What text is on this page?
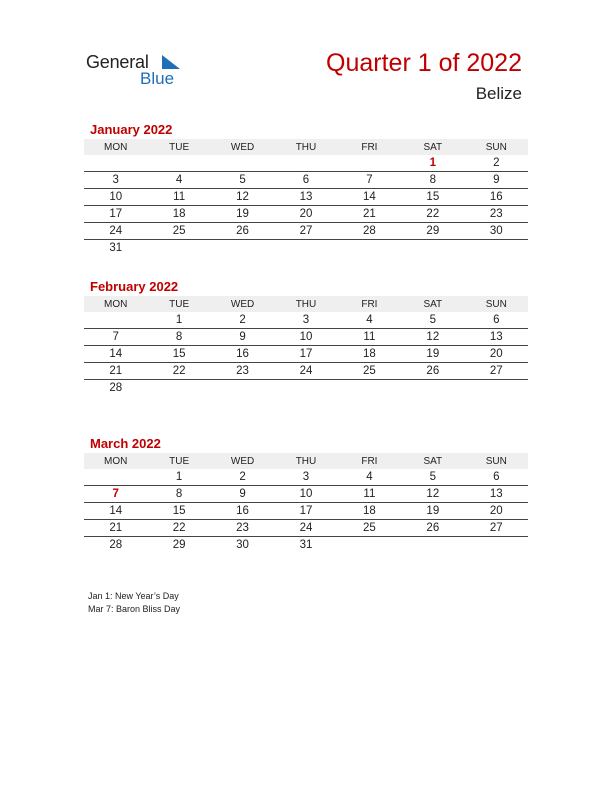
General
Blue
Quarter 1 of 2022
Belize
January 2022
MON	TUE	WED	THU	FRI	SAT	SUN
					1	2
3	4	5	6	7	8	9
10	11	12	13	14	15	16
17	18	19	20	21	22	23
24	25	26	27	28	29	30
31						
February 2022
MON	TUE	WED	THU	FRI	SAT	SUN
	1	2	3	4	5	6
7	8	9	10	11	12	13
14	15	16	17	18	19	20
21	22	23	24	25	26	27
28						
March 2022
MON	TUE	WED	THU	FRI	SAT	SUN
	1	2	3	4	5	6
7	8	9	10	11	12	13
14	15	16	17	18	19	20
21	22	23	24	25	26	27
28	29	30	31			
Jan 1: New Year’s Day
Mar 7: Baron Bliss Day
